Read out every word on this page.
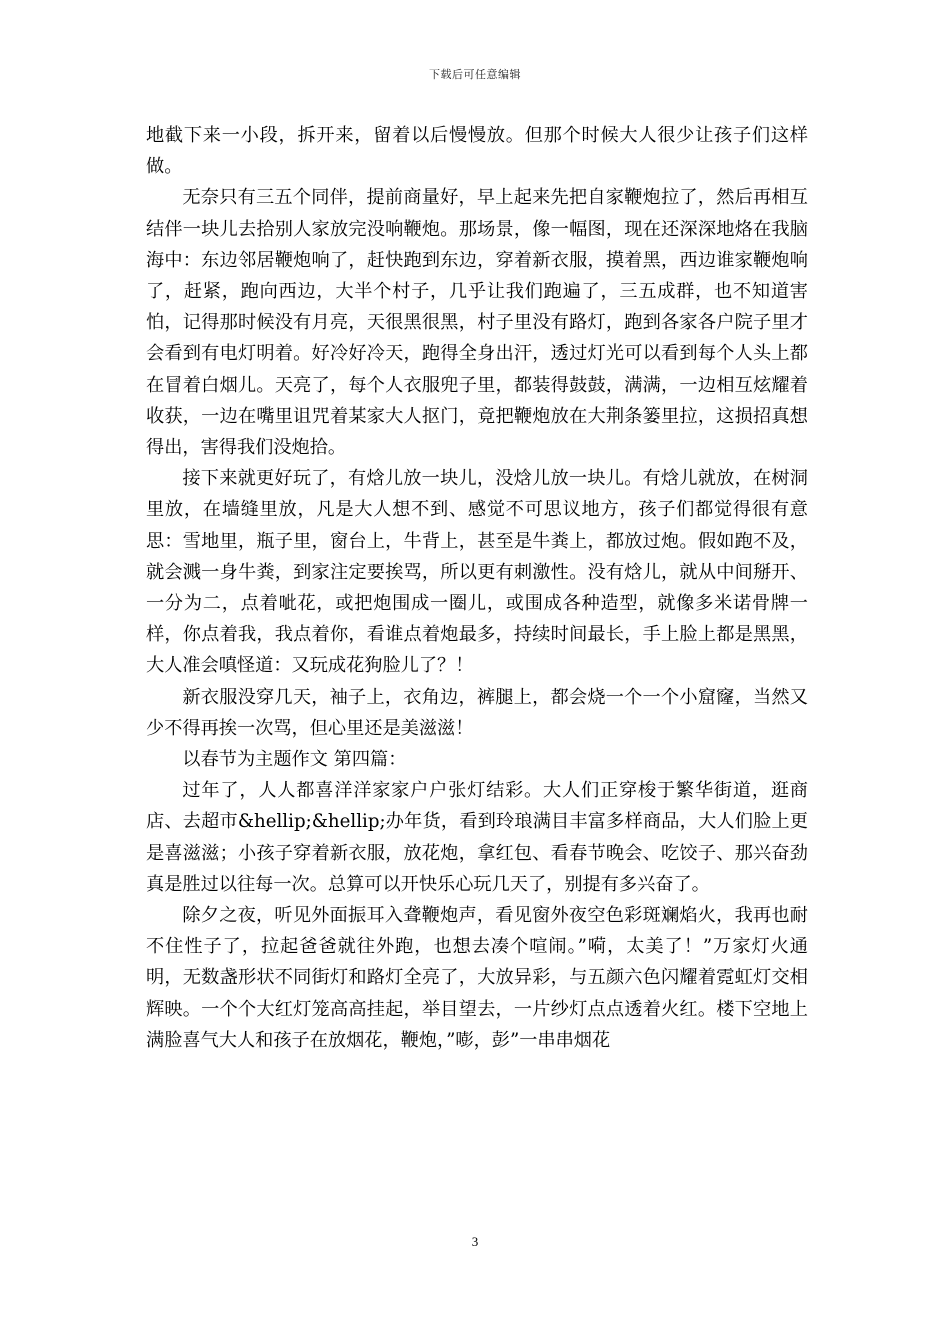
下载后可任意编辑

地截下来一小段，拆开来，留着以后慢慢放。但那个时候大人很少让孩子们这样做。

无奈只有三五个同伴，提前商量好，早上起来先把自家鞭炮拉了，然后再相互结伴一块儿去拾别人家放完没响鞭炮。那场景，像一幅图，现在还深深地烙在我脑海中：东边邻居鞭炮响了，赶快跑到东边，穿着新衣服，摸着黑，西边谁家鞭炮响了，赶紧，跑向西边，大半个村子，几乎让我们跑遍了，三五成群，也不知道害怕，记得那时候没有月亮，天很黑很黑，村子里没有路灯，跑到各家各户院子里才会看到有电灯明着。好冷好冷天，跑得全身出汗，透过灯光可以看到每个人头上都在冒着白烟儿。天亮了，每个人衣服兜子里，都装得鼓鼓，满满，一边相互炫耀着收获，一边在嘴里诅咒着某家大人抠门，竟把鞭炮放在大荆条篓里拉，这损招真想得出，害得我们没炮拾。

接下来就更好玩了，有焓儿放一块儿，没焓儿放一块儿。有焓儿就放，在树洞里放，在墙缝里放，凡是大人想不到、感觉不可思议地方，孩子们都觉得很有意思：雪地里，瓶子里，窗台上，牛背上，甚至是牛粪上，都放过炮。假如跑不及，就会溅一身牛粪，到家注定要挨骂，所以更有刺激性。没有焓儿，就从中间掰开、一分为二，点着呲花，或把炮围成一圈儿，或围成各种造型，就像多米诺骨牌一样，你点着我，我点着你，看谁点着炮最多，持续时间最长，手上脸上都是黑黑，大人准会嗔怪道：又玩成花狗脸儿了？！

新衣服没穿几天，袖子上，衣角边，裤腿上，都会烧一个一个小窟窿，当然又少不得再挨一次骂，但心里还是美滋滋！

以春节为主题作文 第四篇：

过年了，人人都喜洋洋家家户户张灯结彩。大人们正穿梭于繁华街道，逛商店、去超市&hellip;&hellip;办年货，看到玲琅满目丰富多样商品，大人们脸上更是喜滋滋；小孩子穿着新衣服，放花炮，拿红包、看春节晚会、吃饺子、那兴奋劲真是胜过以往每一次。总算可以开快乐心玩几天了，别提有多兴奋了。

除夕之夜，听见外面振耳入聋鞭炮声，看见窗外夜空色彩斑斓焰火，我再也耐不住性子了，拉起爸爸就往外跑，也想去凑个喧闹。”嗬，太美了！”万家灯火通明，无数盏形状不同街灯和路灯全亮了，大放异彩，与五颜六色闪耀着霓虹灯交相辉映。一个个大红灯笼高高挂起，举目望去，一片纱灯点点透着火红。楼下空地上满脸喜气大人和孩子在放烟花，鞭炮，”嘭，彭”一串串烟花

3
